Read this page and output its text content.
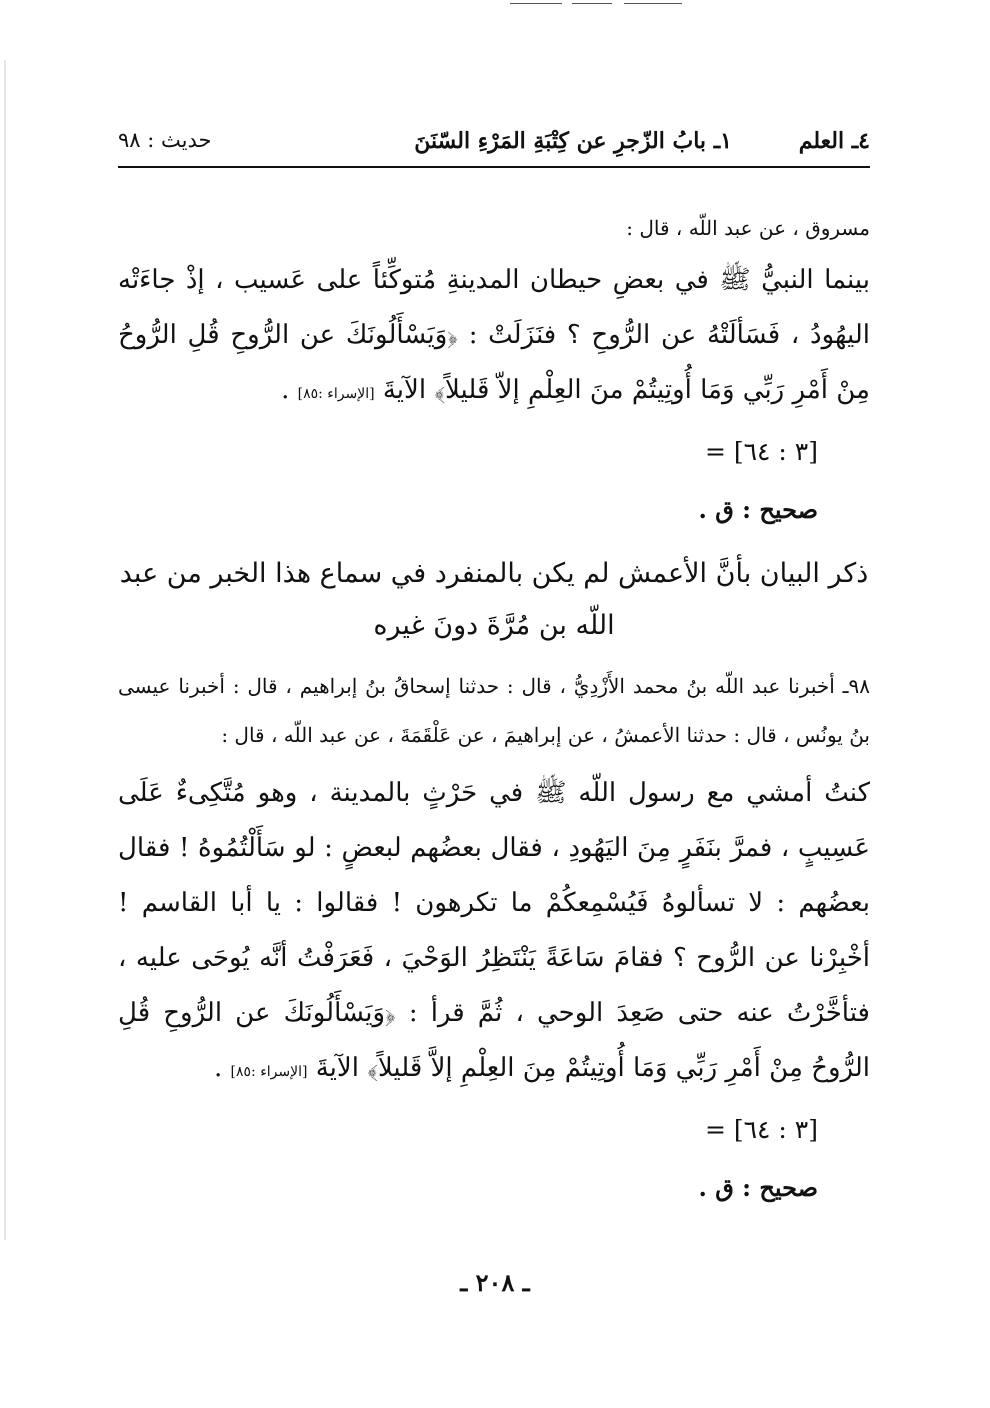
٤ـ العلم
١ـ بابُ الزّجرِ عن كِتْبَةِ المَرْءِ السّنَنَ
حديث : ٩٨

مسروق ، عن عبد اللّه ، قال :

بينما النبيُّ ﷺ في بعضِ حيطان المدينةِ مُتوكِّئاً على عَسيب ، إذْ جاءَتْه اليهُودُ ، فَسَألَتْهُ عن الرُّوحِ ؟ فنَزَلَتْ : ﴿وَيَسْأَلُونَكَ عن الرُّوحِ قُلِ الرُّوحُ مِنْ أَمْرِ رَبِّي وَمَا أُوتِيتُمْ منَ العِلْمِ إلاّ قَليلاً﴾ الآيةَ [الإسراء :٨٥] .

= [٣ : ٦٤]

صحيح : ق .

ذكر البيان بأنَّ الأعمش لم يكن بالمنفرد في سماع هذا الخبر من عبد اللّه بن مُرَّةَ دونَ غيره

٩٨ـ أخبرنا عبد اللّه بنُ محمد الأَزْدِيُّ ، قال : حدثنا إسحاقُ بنُ إبراهيم ، قال : أخبرنا عيسى بنُ يونُس ، قال : حدثنا الأعمشُ ، عن إبراهيمَ ، عن عَلْقَمَةَ ، عن عبد اللّه ، قال :

كنتُ أمشي مع رسول اللّه ﷺ في حَرْثٍ بالمدينة ، وهو مُتَّكِىءٌ عَلَى عَسِيبٍ ، فمرَّ بنَفَرٍ مِنَ اليَهُودِ ، فقال بعضُهم لبعضٍ : لو سَأَلْتُمُوهُ ! فقال بعضُهم : لا تسألوهُ فَيُسْمِعكُمْ ما تكرهون ! فقالوا : يا أبا القاسم ! أخْبِرْنا عن الرُّوح ؟ فقامَ سَاعَةً يَنْتَظِرُ الوَحْيَ ، فَعَرَفْتُ أنَّه يُوحَى عليه ، فتأخَّرْتُ عنه حتى صَعِدَ الوحي ، ثُمَّ قرأ : ﴿وَيَسْأَلُونَكَ عن الرُّوحِ قُلِ الرُّوحُ مِنْ أَمْرِ رَبِّي وَمَا أُوتِيتُمْ مِنَ العِلْمِ إلاَّ قَليلاً﴾ الآيةَ [الإسراء :٨٥] .

= [٣ : ٦٤]

صحيح : ق .

ـ ٢٠٨ ـ
